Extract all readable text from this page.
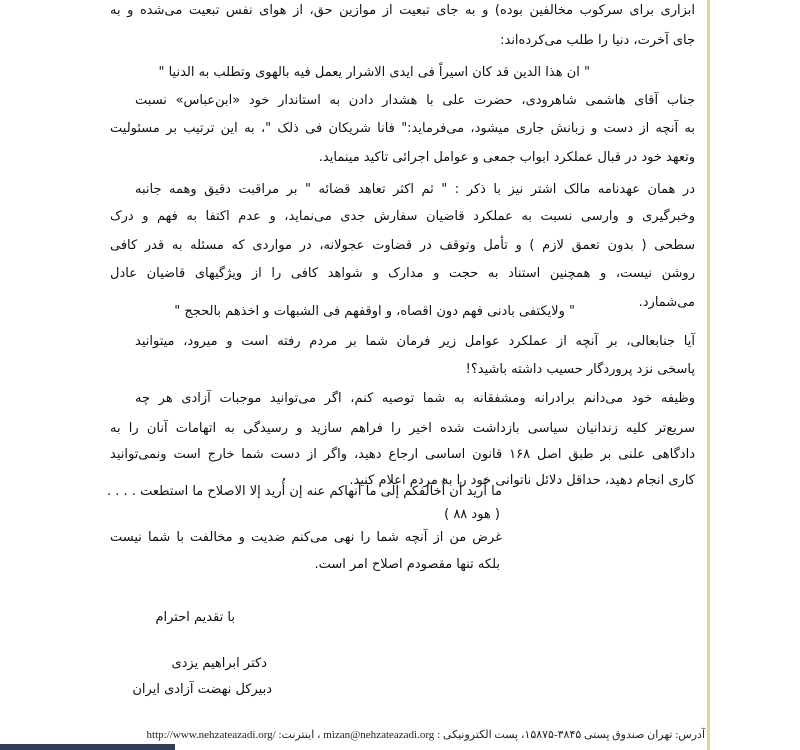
ابزاری برای سرکوب مخالفین بوده) و به جای تبعیت از موازین حق، از هوای نفس تبعیت می‌شده و به
جای آخرت، دنیا را طلب می‌کرده‌اند:
" ان هذا الدین قد کان اسیراً فی ایدی الاشرار یعمل فیه بالهوی وتطلب به الدنیا "
جناب آقای هاشمی شاهرودی، حضرت علی با هشدار دادن به استاندار خود «ابن‌عباس» نسبت
به آنچه از دست و زبانش جاری میشود، می‌فرماید:" فانا شریکان فی ذلک "، به این ترتیب بر مسئولیت
وتعهد خود در قبال عملکرد ابواب جمعی و عوامل اجرائی تاکید مینماید.
در همان عهدنامه مالک اشتر نیز با ذکر : " ثم اکثر تعاهد قضائه " بر مراقبت دقیق وهمه جانبه
وخبرگیری و وارسی نسبت به عملکرد قاضیان سفارش جدی می‌نماید، و عدم اکتفا به فهم و درک
سطحی ( بدون تعمق لازم ) و تأمل وتوقف در قضاوت عجولانه، در مواردی که مسئله به قدر کافی
روشن نیست، و همچنین استناد به حجت و مدارک و شواهد کافی را از ویژگیهای قاضیان عادل
می‌شمارد.
" ولایکتفی بادنی فهم دون اقصاه، و اوقفهم فی الشبهات و اخذهم بالحجج "
آیا جنابعالی، بر آنچه از عملکرد عوامل زیر فرمان شما بر مردم رفته است و میرود، میتوانید
پاسخی نزد پروردگار حسیب داشته باشید؟!
وظیفه خود می‌دانم برادرانه ومشفقانه به شما توصیه کنم، اگر می‌توانید موجبات آزادی هر چه
سریع‌تر کلیه زندانیان سیاسی بازداشت شده اخیر را فراهم سازید و رسیدگی به اتهامات آنان را به
دادگاهی علنی بر طبق اصل ۱۶۸ قانون اساسی ارجاع دهید، واگر از دست شما خارج است ونمی‌توانید
کاری انجام دهید، حداقل دلائل ناتوانی خود را به مردم اعلام کنید.
ما أُرید أن أُخالفکم إلی ما أنهاکم عنه إن أُرید إلا الاصلاح ما استطعت . . . .
( هود ۸۸ )
غرض من از آنچه شما را نهی می‌کنم ضدیت و مخالفت با شما نیست
بلکه تنها مقصودم اصلاح امر است.
با تقدیم احترام
دکتر ابراهیم یزدی
دبیرکل نهضت آزادی ایران
آدرس: تهران صندوق پستی ۳۸۴۵-۱۵۸۷۵، پست الکترونیکی : mizan@nehzateazadi.org ، اینترنت: http://www.nehzateazadi.org/
